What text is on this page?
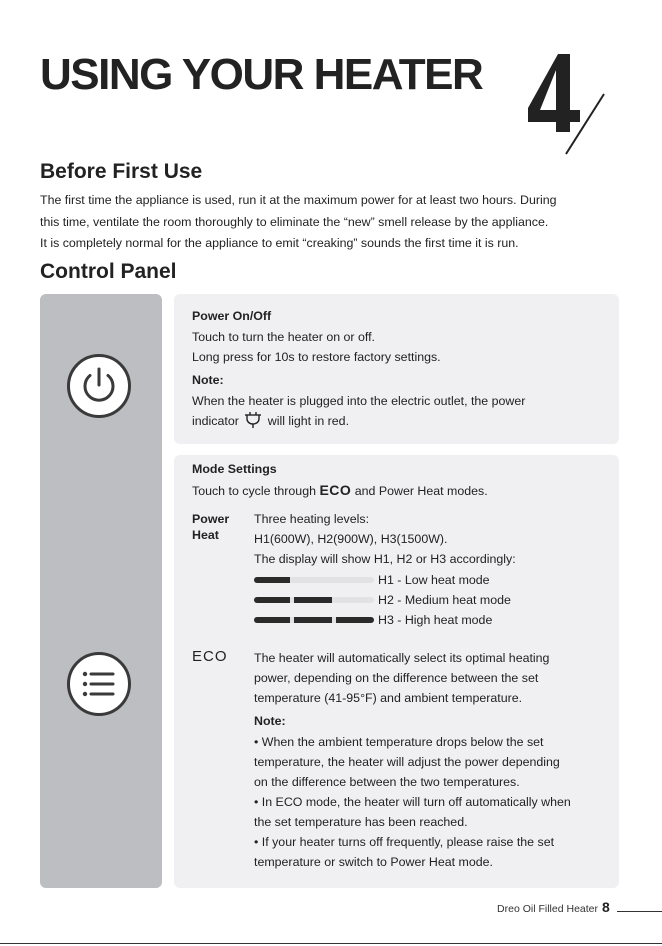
USING YOUR HEATER
Before First Use
The first time the appliance is used, run it at the maximum power for at least two hours. During
this time, ventilate the room thoroughly to eliminate the “new” smell release by the appliance.
It is completely normal for the appliance to emit “creaking” sounds the first time it is run.
Control Panel
Power On/Off
Touch to turn the heater on or off.
Long press for 10s to restore factory settings.
Note:
When the heater is plugged into the electric outlet, the power
indicator will light in red.
Mode Settings
Touch to cycle through ECO and Power Heat modes.
Power
Heat
Three heating levels:
H1(600W), H2(900W), H3(1500W).
The display will show H1, H2 or H3 accordingly:
H1 - Low heat mode
H2 - Medium heat mode
H3 - High heat mode
ECO The heater will automatically select its optimal heating
power, depending on the difference between the set
temperature (41-95°F) and ambient temperature.
Note:
• When the ambient temperature drops below the set
temperature, the heater will adjust the power depending
on the difference between the two temperatures.
• In ECO mode, the heater will turn off automatically when
the set temperature has been reached.
• If your heater turns off frequently, please raise the set
temperature or switch to Power Heat mode.
Dreo Oil Filled Heater 8
